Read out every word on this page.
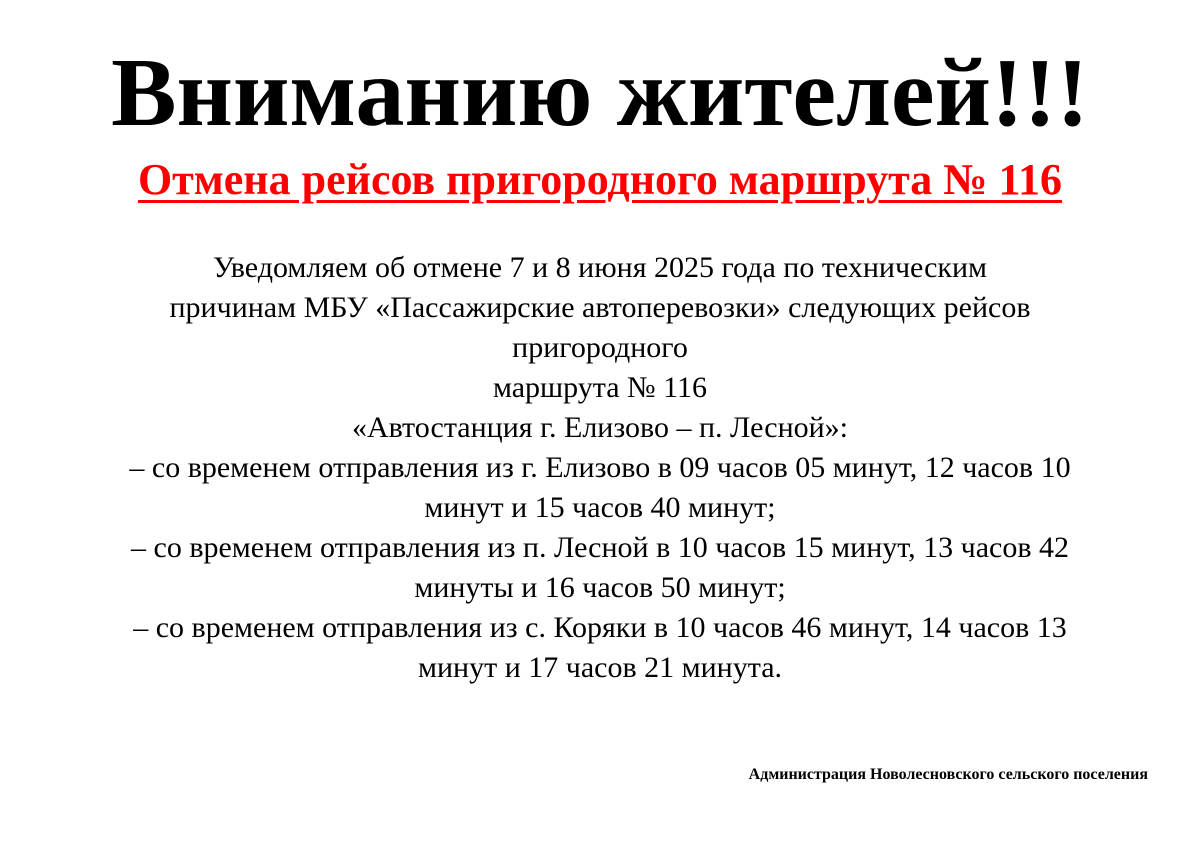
Вниманию жителей!!!
Отмена рейсов пригородного маршрута № 116
Уведомляем об отмене 7 и 8 июня 2025 года по техническим
причинам МБУ «Пассажирские автоперевозки» следующих рейсов
пригородного
маршрута № 116
«Автостанция г. Елизово – п. Лесной»:
– со временем отправления из г. Елизово в 09 часов 05 минут, 12 часов 10
минут и 15 часов 40 минут;
– со временем отправления из п. Лесной в 10 часов 15 минут, 13 часов 42
минуты и 16 часов 50 минут;
– со временем отправления из с. Коряки в 10 часов 46 минут, 14 часов 13
минут и 17 часов 21 минута.
Администрация Новолесновского сельского поселения
